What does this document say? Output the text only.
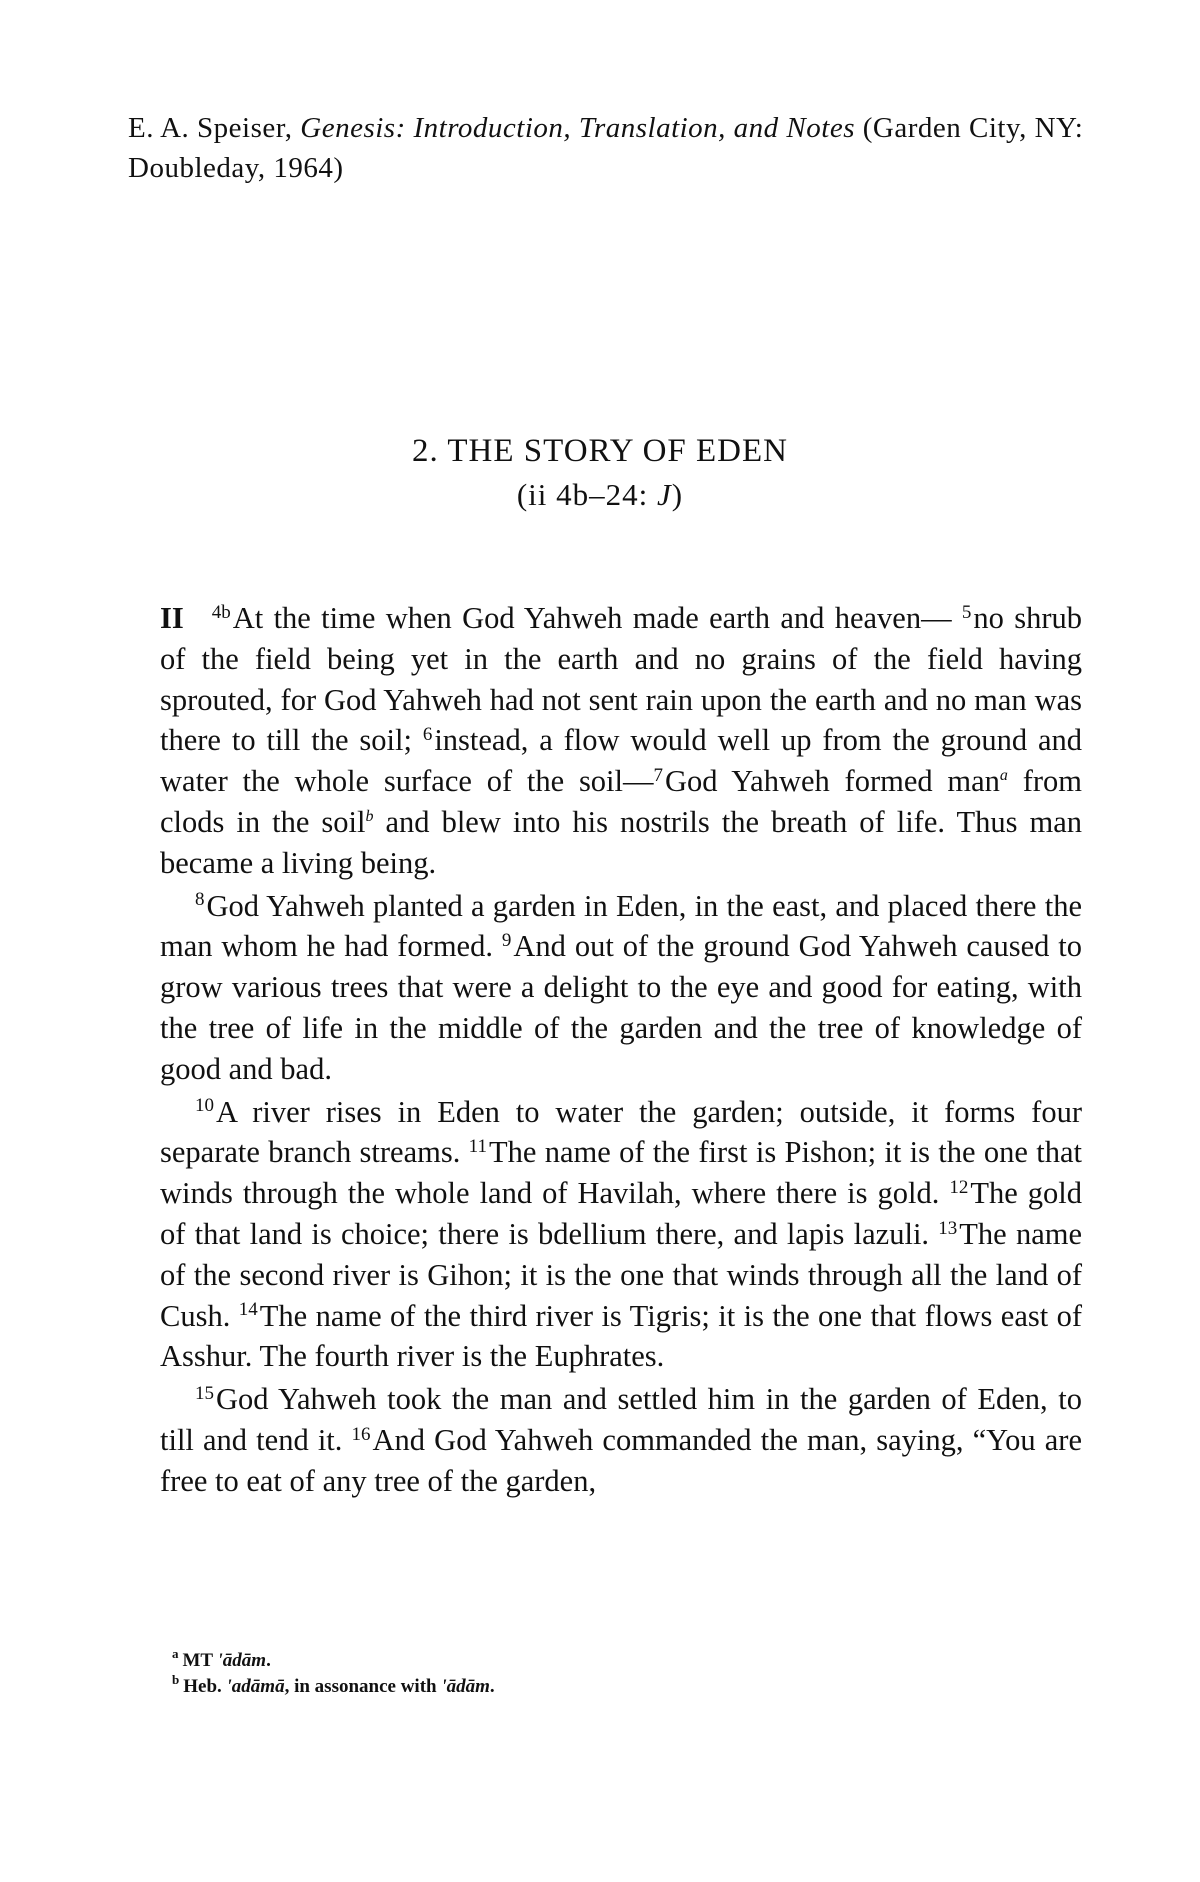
E. A. Speiser, Genesis: Introduction, Translation, and Notes (Garden City, NY: Doubleday, 1964)
2. THE STORY OF EDEN
(ii 4b–24: J)

II $^{4b}$At the time when God Yahweh made earth and heaven— $^5$no shrub of the field being yet in the earth and no grains of the field having sprouted, for God Yahweh had not sent rain upon the earth and no man was there to till the soil; $^6$instead, a flow would well up from the ground and water the whole surface of the soil—$^7$God Yahweh formed man$^a$ from clods in the soil$^b$ and blew into his nostrils the breath of life. Thus man became a living being.

$^8$God Yahweh planted a garden in Eden, in the east, and placed there the man whom he had formed. $^9$And out of the ground God Yahweh caused to grow various trees that were a delight to the eye and good for eating, with the tree of life in the middle of the garden and the tree of knowledge of good and bad.

$^{10}$A river rises in Eden to water the garden; outside, it forms four separate branch streams. $^{11}$The name of the first is Pishon; it is the one that winds through the whole land of Havilah, where there is gold. $^{12}$The gold of that land is choice; there is bdellium there, and lapis lazuli. $^{13}$The name of the second river is Gihon; it is the one that winds through all the land of Cush. $^{14}$The name of the third river is Tigris; it is the one that flows east of Asshur. The fourth river is the Euphrates.

$^{15}$God Yahweh took the man and settled him in the garden of Eden, to till and tend it. $^{16}$And God Yahweh commanded the man, saying, “You are free to eat of any tree of the garden,

$^a$ MT 'ādām.
$^b$ Heb. 'adāmā, in assonance with 'ādām.
